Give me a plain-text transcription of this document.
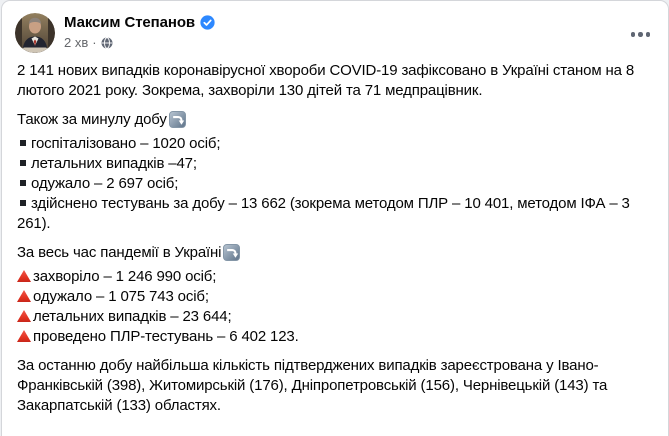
Максим Степанов
2 хв ·

2 141 нових випадків коронавірусної хвороби COVID-19 зафіксовано в Україні станом на 8 лютого 2021 року. Зокрема, захворіли 130 дітей та 71 медпрацівник.

Також за минулу добу
госпіталізовано – 1020 осіб;
летальних випадків –47;
одужало – 2 697 осіб;
здійснено тестувань за добу – 13 662 (зокрема методом ПЛР – 10 401, методом ІФА – 3 261).
За весь час пандемії в Україні
захворіло – 1 246 990 осіб;
одужало – 1 075 743 осіб;
летальних випадків – 23 644;
проведено ПЛР-тестувань – 6 402 123.

За останню добу найбільша кількість підтверджених випадків зареєстрована у Івано-Франківській (398), Житомирській (176), Дніпропетровській (156), Чернівецькій (143) та Закарпатській (133) областях.
